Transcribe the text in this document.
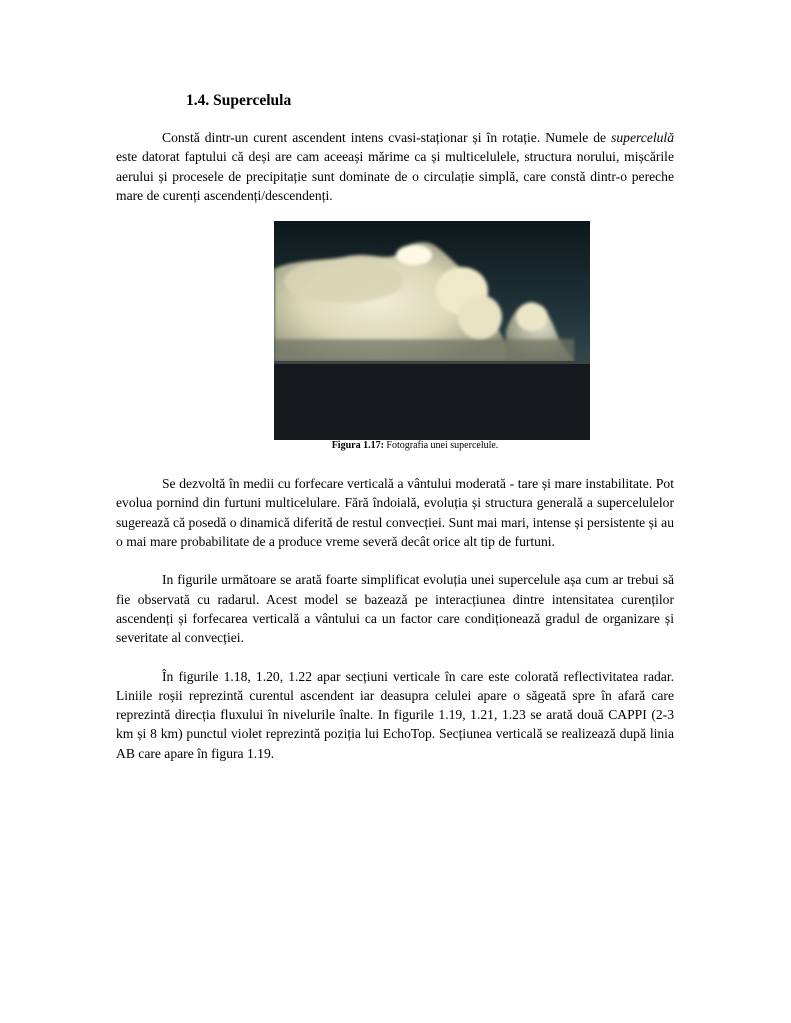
1.4. Supercelula

Constă dintr-un curent ascendent intens cvasi-staționar și în rotație. Numele de supercelulă este datorat faptului că deși are cam aceeași mărime ca și multicelulele, structura norului, mișcările aerului și procesele de precipitație sunt dominate de o circulație simplă, care constă dintr-o pereche mare de curenți ascendenți/descendenți.

Figura 1.17: Fotografia unei supercelule.

Se dezvoltă în medii cu forfecare verticală a vântului moderată - tare și mare instabilitate. Pot evolua pornind din furtuni multicelulare. Fără îndoială, evoluția și structura generală a supercelulelor sugerează că posedă o dinamică diferită de restul convecției. Sunt mai mari, intense și persistente și au o mai mare probabilitate de a produce vreme severă decât orice alt tip de furtuni.

In figurile următoare se arată foarte simplificat evoluția unei supercelule așa cum ar trebui să fie observată cu radarul. Acest model se bazează pe interacțiunea dintre intensitatea curenților ascendenți și forfecarea verticală a vântului ca un factor care condiționează gradul de organizare și severitate al convecției.

În figurile 1.18, 1.20, 1.22 apar secțiuni verticale în care este colorată reflectivitatea radar. Liniile roșii reprezintă curentul ascendent iar deasupra celulei apare o săgeată spre în afară care reprezintă direcția fluxului în nivelurile înalte. In figurile 1.19, 1.21, 1.23 se arată două CAPPI (2-3 km și 8 km) punctul violet reprezintă poziția lui EchoTop. Secțiunea verticală se realizează după linia AB care apare în figura 1.19.
